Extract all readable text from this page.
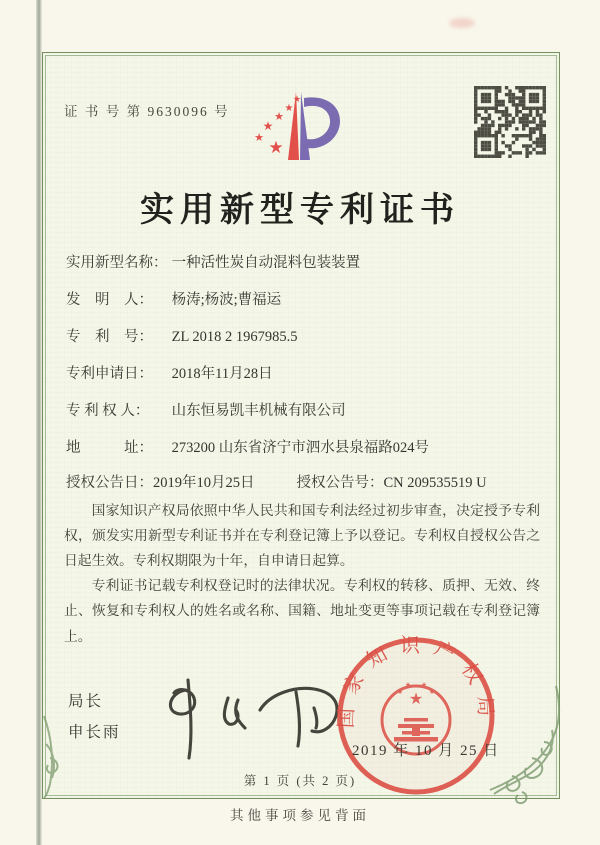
证 书 号 第 9630096 号
★
★
★
★
★
★
实用新型专利证书
实用新型名称： 一种活性炭自动混料包装装置
发　明　人： 杨涛;杨波;曹福运
专　利　号： ZL 2018 2 1967985.5
专利申请日： 2018年11月28日
专 利 权 人： 山东恒易凯丰机械有限公司
地　　　址： 273200 山东省济宁市泗水县泉福路024号
授权公告日：2019年10月25日	授权公告号：CN 209535519 U

国家知识产权局依照中华人民共和国专利法经过初步审查，决定授予专利权，颁发实用新型专利证书并在专利登记簿上予以登记。专利权自授权公告之日起生效。专利权期限为十年，自申请日起算。

专利证书记载专利权登记时的法律状况。专利权的转移、质押、无效、终止、恢复和专利权人的姓名或名称、国籍、地址变更等事项记载在专利登记簿上。

局长
申长雨
国家知识产权局
★
★
★ ★
★
2019 年 10 月 25 日
第 1 页 (共 2 页)
其他事项参见背面
